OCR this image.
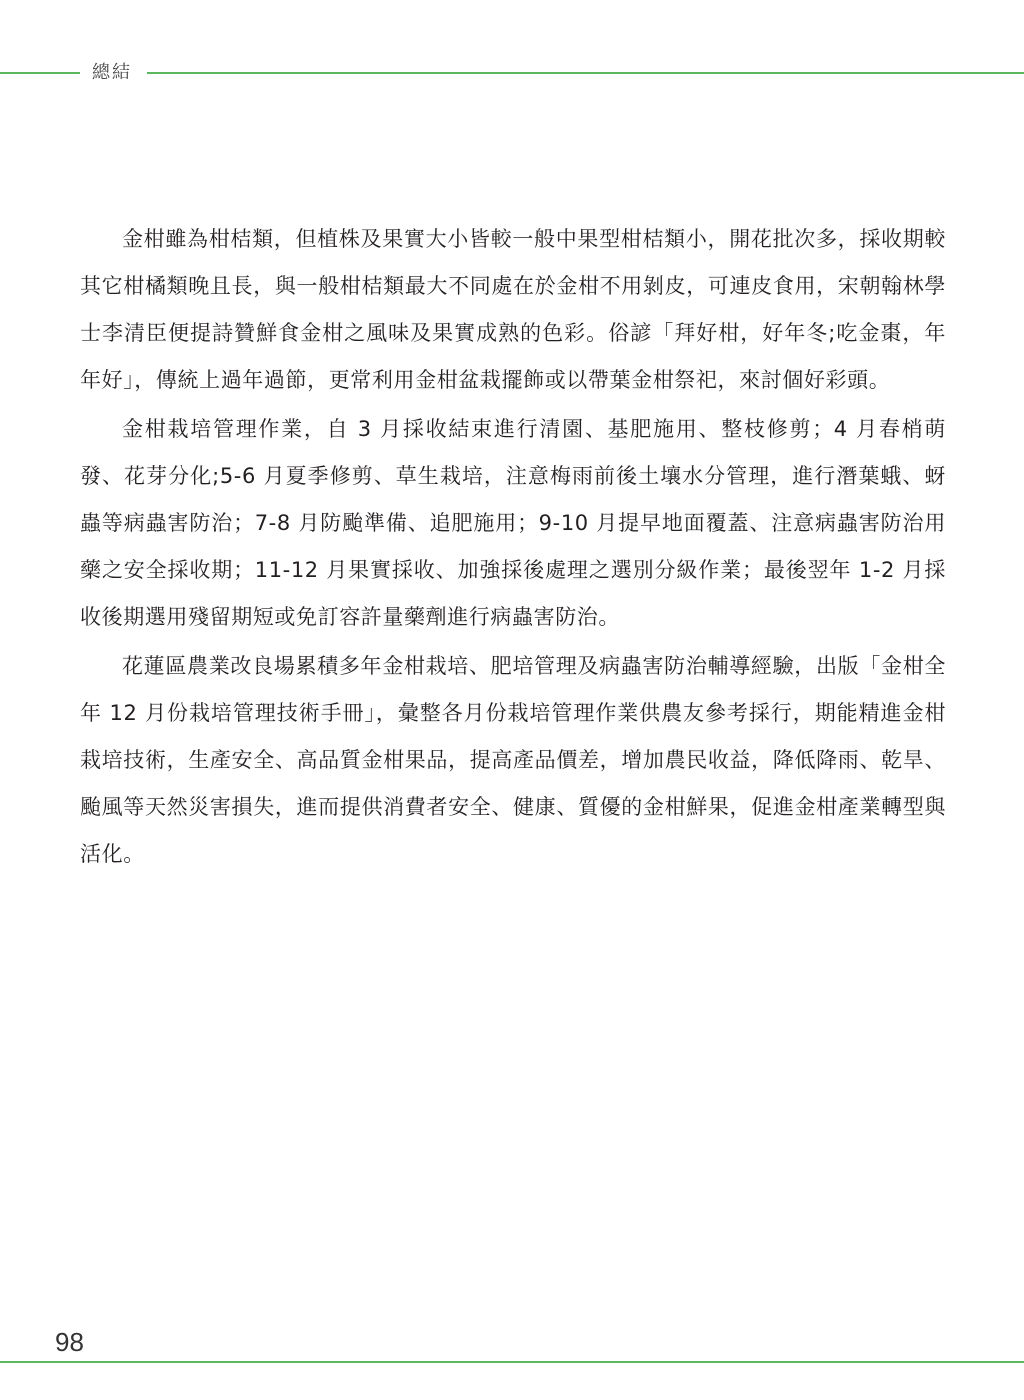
總結

金柑雖為柑桔類，但植株及果實大小皆較一般中果型柑桔類小，開花批次多，採收期較其它柑橘類晚且長，與一般柑桔類最大不同處在於金柑不用剝皮，可連皮食用，宋朝翰林學士李清臣便提詩贊鮮食金柑之風味及果實成熟的色彩。俗諺「拜好柑，好年冬;吃金棗，年年好」，傳統上過年過節，更常利用金柑盆栽擺飾或以帶葉金柑祭祀，來討個好彩頭。

金柑栽培管理作業，自 3 月採收結束進行清園、基肥施用、整枝修剪；4 月春梢萌發、花芽分化;5-6 月夏季修剪、草生栽培，注意梅雨前後土壤水分管理，進行潛葉蛾、蚜蟲等病蟲害防治；7-8 月防颱準備、追肥施用；9-10 月提早地面覆蓋、注意病蟲害防治用藥之安全採收期；11-12 月果實採收、加強採後處理之選別分級作業；最後翌年 1-2 月採收後期選用殘留期短或免訂容許量藥劑進行病蟲害防治。

花蓮區農業改良場累積多年金柑栽培、肥培管理及病蟲害防治輔導經驗，出版「金柑全年 12 月份栽培管理技術手冊」，彙整各月份栽培管理作業供農友參考採行，期能精進金柑栽培技術，生產安全、高品質金柑果品，提高產品價差，增加農民收益，降低降雨、乾旱、颱風等天然災害損失，進而提供消費者安全、健康、質優的金柑鮮果，促進金柑產業轉型與活化。

98
